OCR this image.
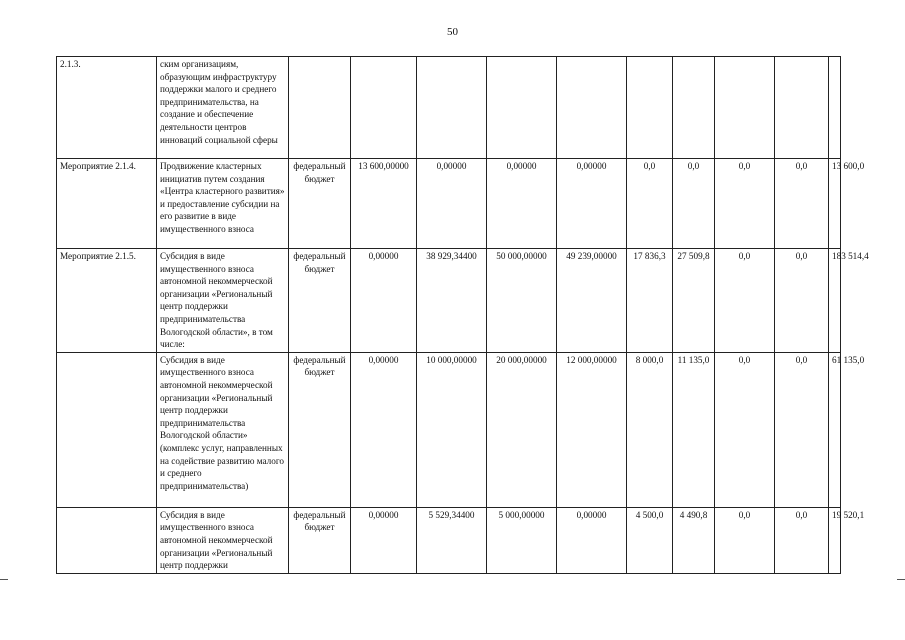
50
2.1.3.	ским организациям, образующим инфраструктуру поддержки малого и среднего предпринимательства, на создание и обеспечение деятельности центров инноваций социальной сферы										
Мероприятие 2.1.4.	Продвижение кластерных инициатив путем создания «Центра кластерного развития» и предоставление субсидии на его развитие в виде имущественного взноса	федеральный бюджет	13 600,00000	0,00000	0,00000	0,00000	0,0	0,0	0,0	0,0	13 600,0
Мероприятие 2.1.5.	Субсидия в виде имущественного взноса автономной некоммерческой организации «Региональный центр поддержки предпринимательства Вологодской области», в том числе:	федеральный бюджет	0,00000	38 929,34400	50 000,00000	49 239,00000	17 836,3	27 509,8	0,0	0,0	183 514,4
	Субсидия в виде имущественного взноса автономной некоммерческой организации «Региональный центр поддержки предпринимательства Вологодской области» (комплекс услуг, направленных на содействие развитию малого и среднего предпринимательства)	федеральный бюджет	0,00000	10 000,00000	20 000,00000	12 000,00000	8 000,0	11 135,0	0,0	0,0	61 135,0
	Субсидия в виде имущественного взноса автономной некоммерческой организации «Региональный центр поддержки	федеральный бюджет	0,00000	5 529,34400	5 000,00000	0,00000	4 500,0	4 490,8	0,0	0,0	19 520,1
